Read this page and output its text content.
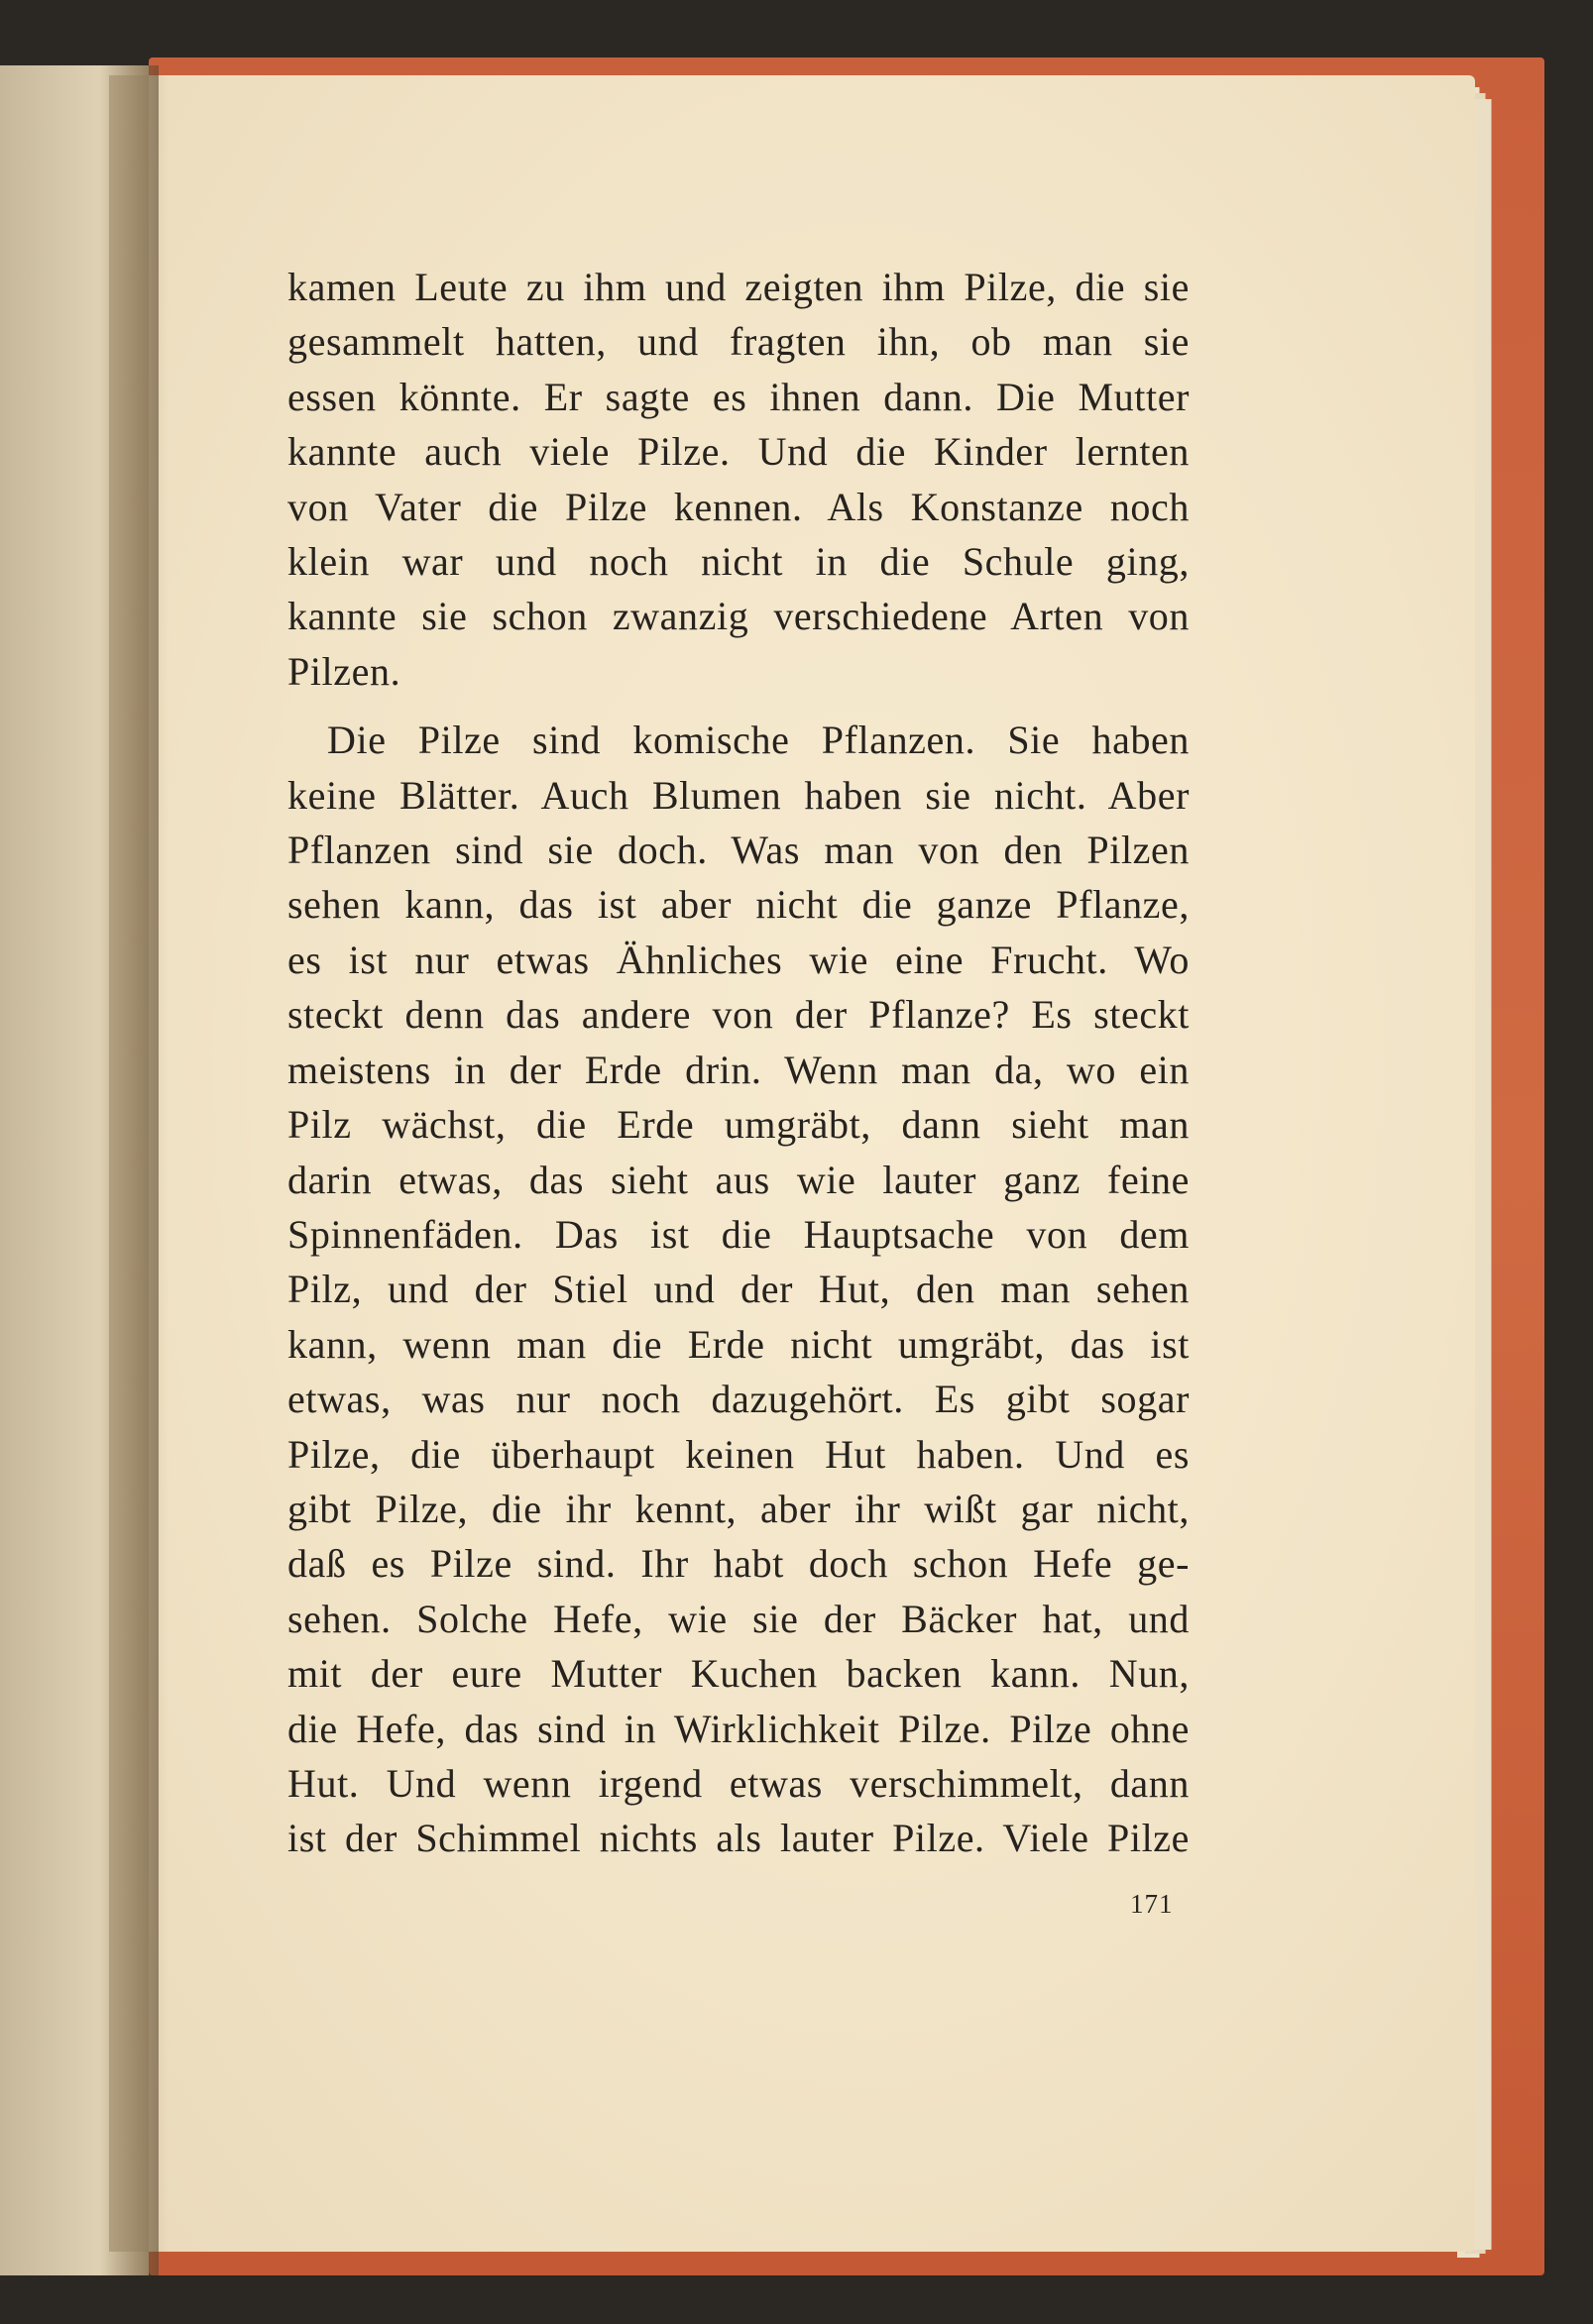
kamen Leute zu ihm und zeigten ihm Pilze, die sie
gesammelt hatten, und fragten ihn, ob man sie
essen könnte. Er sagte es ihnen dann. Die Mutter
kannte auch viele Pilze. Und die Kinder lernten
von Vater die Pilze kennen. Als Konstanze noch
klein war und noch nicht in die Schule ging,
kannte sie schon zwanzig verschiedene Arten von
Pilzen.
Die Pilze sind komische Pflanzen. Sie haben
keine Blätter. Auch Blumen haben sie nicht. Aber
Pflanzen sind sie doch. Was man von den Pilzen
sehen kann, das ist aber nicht die ganze Pflanze,
es ist nur etwas Ähnliches wie eine Frucht. Wo
steckt denn das andere von der Pflanze? Es steckt
meistens in der Erde drin. Wenn man da, wo ein
Pilz wächst, die Erde umgräbt, dann sieht man
darin etwas, das sieht aus wie lauter ganz feine
Spinnenfäden. Das ist die Hauptsache von dem
Pilz, und der Stiel und der Hut, den man sehen
kann, wenn man die Erde nicht umgräbt, das ist
etwas, was nur noch dazugehört. Es gibt sogar
Pilze, die überhaupt keinen Hut haben. Und es
gibt Pilze, die ihr kennt, aber ihr wißt gar nicht,
daß es Pilze sind. Ihr habt doch schon Hefe ge-
sehen. Solche Hefe, wie sie der Bäcker hat, und
mit der eure Mutter Kuchen backen kann. Nun,
die Hefe, das sind in Wirklichkeit Pilze. Pilze ohne
Hut. Und wenn irgend etwas verschimmelt, dann
ist der Schimmel nichts als lauter Pilze. Viele Pilze
171
